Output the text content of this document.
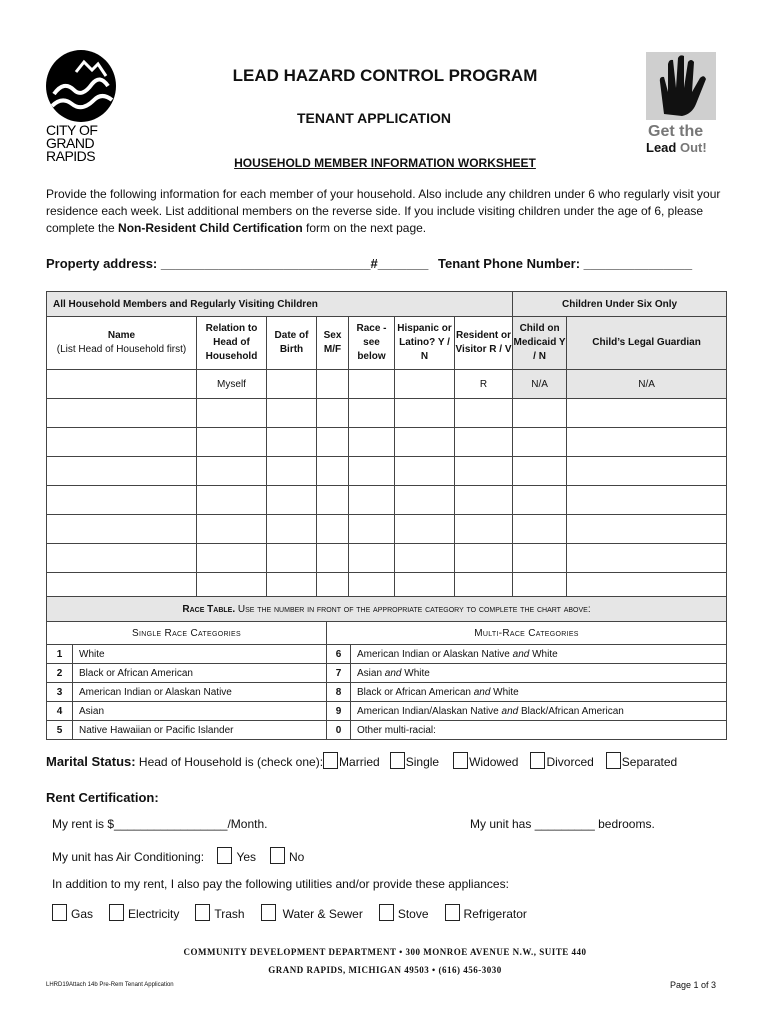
CITY OF GRAND RAPIDS
Get the
Lead Out!
LEAD HAZARD CONTROL PROGRAM
TENANT APPLICATION
HOUSEHOLD MEMBER INFORMATION WORKSHEET
Provide the following information for each member of your household. Also include any children under 6 who regularly visit your residence each week. List additional members on the reverse side. If you include visiting children under the age of 6, please complete the Non-Resident Child Certification form on the next page.
Property address: _____________________________#_______ Tenant Phone Number: _______________
All Household Members and Regularly Visiting Children							Children Under Six Only	
Name
(List Head of Household first)	Relation to Head of Household	Date of Birth	Sex M/F	Race - see below	Hispanic or Latino? Y / N	Resident or Visitor R / V	Child on Medicaid Y / N	Child’s Legal Guardian
	Myself					R	N/A	N/A

Race Table. Use the number in front of the appropriate category to complete the chart above:			
Single Race Categories		Multi-Race Categories	
1	White	6	American Indian or Alaskan Native and White
2	Black or African American	7	Asian and White
3	American Indian or Alaskan Native	8	Black or African American and White
4	Asian	9	American Indian/Alaskan Native and Black/African American
5	Native Hawaiian or Pacific Islander	0	Other multi-racial:
Marital Status: Head of Household is (check one): Married Single	Widowed Divorced Separated
Rent Certification:
My rent is $_________________/Month.	My unit has _________ bedrooms.
My unit has Air Conditioning:	Yes	No
In addition to my rent, I also pay the following utilities and/or provide these appliances:
Gas	Electricity	Trash	Water & Sewer	Stove	Refrigerator
COMMUNITY DEVELOPMENT DEPARTMENT • 300 MONROE AVENUE N.W., SUITE 440
GRAND RAPIDS, MICHIGAN 49503 • (616) 456-3030
LHRD19Attach 14b Pre-Rem Tenant Application	Page 1 of 3
